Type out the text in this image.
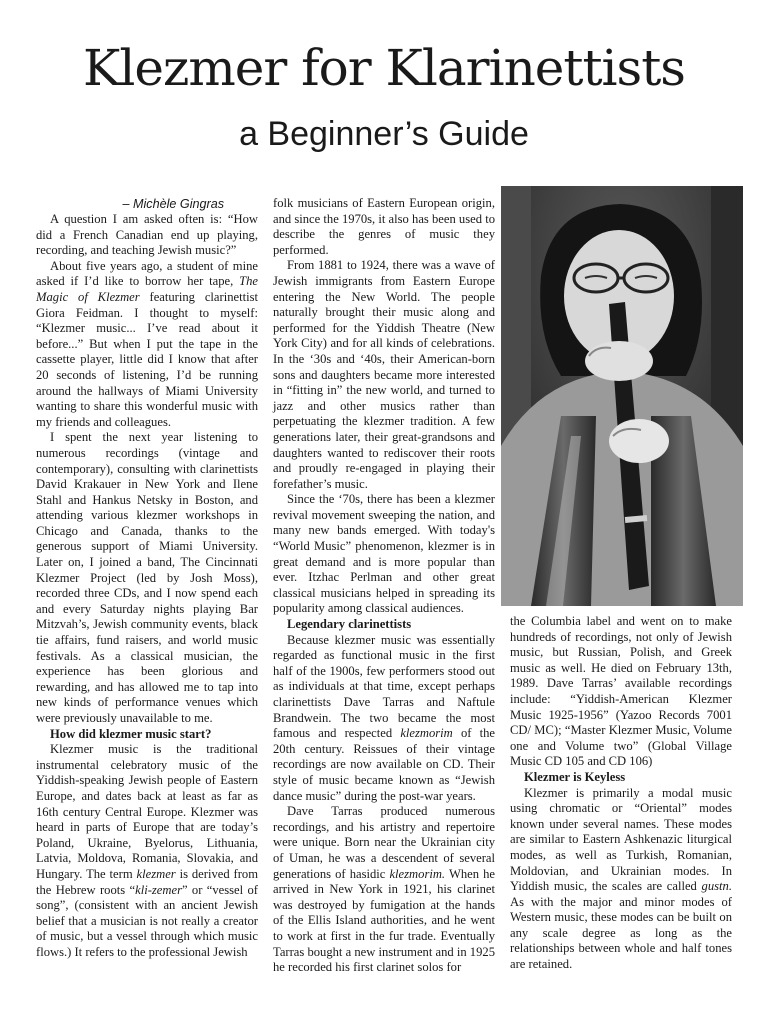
Klezmer for Klarinettists
a Beginner’s Guide

– Michèle Gingras

A question I am asked often is: “How did a French Canadian end up playing, recording, and teaching Jewish music?”

About five years ago, a student of mine asked if I’d like to borrow her tape, The Magic of Klezmer featuring clarinettist Giora Feidman. I thought to myself: “Klezmer music... I’ve read about it before...” But when I put the tape in the cassette player, little did I know that after 20 seconds of listening, I’d be running around the hallways of Miami University wanting to share this wonderful music with my friends and colleagues.

I spent the next year listening to numerous recordings (vintage and contemporary), consulting with clarinettists David Krakauer in New York and Ilene Stahl and Hankus Netsky in Boston, and attending various klezmer workshops in Chicago and Canada, thanks to the generous support of Miami University. Later on, I joined a band, The Cincinnati Klezmer Project (led by Josh Moss), recorded three CDs, and I now spend each and every Saturday nights playing Bar Mitzvah’s, Jewish community events, black tie affairs, fund raisers, and world music festivals. As a classical musician, the experience has been glorious and rewarding, and has allowed me to tap into new kinds of performance venues which were previously unavailable to me.

How did klezmer music start?

Klezmer music is the traditional instrumental celebratory music of the Yiddish-speaking Jewish people of Eastern Europe, and dates back at least as far as 16th century Central Europe. Klezmer was heard in parts of Europe that are today’s Poland, Ukraine, Byelorus, Lithuania, Latvia, Moldova, Romania, Slovakia, and Hungary. The term klezmer is derived from the Hebrew roots “kli-zemer” or “vessel of song”, (consistent with an ancient Jewish belief that a musician is not really a creator of music, but a vessel through which music flows.) It refers to the professional Jewish

folk musicians of Eastern European origin, and since the 1970s, it also has been used to describe the genres of music they performed.

From 1881 to 1924, there was a wave of Jewish immigrants from Eastern Europe entering the New World. The people naturally brought their music along and performed for the Yiddish Theatre (New York City) and for all kinds of celebrations. In the ‘30s and ‘40s, their American-born sons and daughters became more interested in “fitting in” the new world, and turned to jazz and other musics rather than perpetuating the klezmer tradition. A few generations later, their great-grandsons and daughters wanted to rediscover their roots and proudly re-engaged in playing their forefather’s music.

Since the ‘70s, there has been a klezmer revival movement sweeping the nation, and many new bands emerged. With today's “World Music” phenomenon, klezmer is in great demand and is more popular than ever. Itzhac Perlman and other great classical musicians helped in spreading its popularity among classical audiences.

Legendary clarinettists

Because klezmer music was essentially regarded as functional music in the first half of the 1900s, few performers stood out as individuals at that time, except perhaps clarinettists Dave Tarras and Naftule Brandwein. The two became the most famous and respected klezmorim of the 20th century. Reissues of their vintage recordings are now available on CD. Their style of music became known as “Jewish dance music” during the post-war years.

Dave Tarras produced numerous recordings, and his artistry and repertoire were unique. Born near the Ukrainian city of Uman, he was a descendent of several generations of hasidic klezmorim. When he arrived in New York in 1921, his clarinet was destroyed by fumigation at the hands of the Ellis Island authorities, and he went to work at first in the fur trade. Eventually Tarras bought a new instrument and in 1925 he recorded his first clarinet solos for

the Columbia label and went on to make hundreds of recordings, not only of Jewish music, but Russian, Polish, and Greek music as well. He died on February 13th, 1989. Dave Tarras’ available recordings include: “Yiddish-American Klezmer Music 1925-1956” (Yazoo Records 7001 CD/ MC); “Master Klezmer Music, Volume one and Volume two” (Global Village Music CD 105 and CD 106)

Klezmer is Keyless

Klezmer is primarily a modal music using chromatic or “Oriental” modes known under several names. These modes are similar to Eastern Ashkenazic liturgical modes, as well as Turkish, Romanian, Moldovian, and Ukrainian modes. In Yiddish music, the scales are called gustn. As with the major and minor modes of Western music, these modes can be built on any scale degree as long as the relationships between whole and half tones are retained.
